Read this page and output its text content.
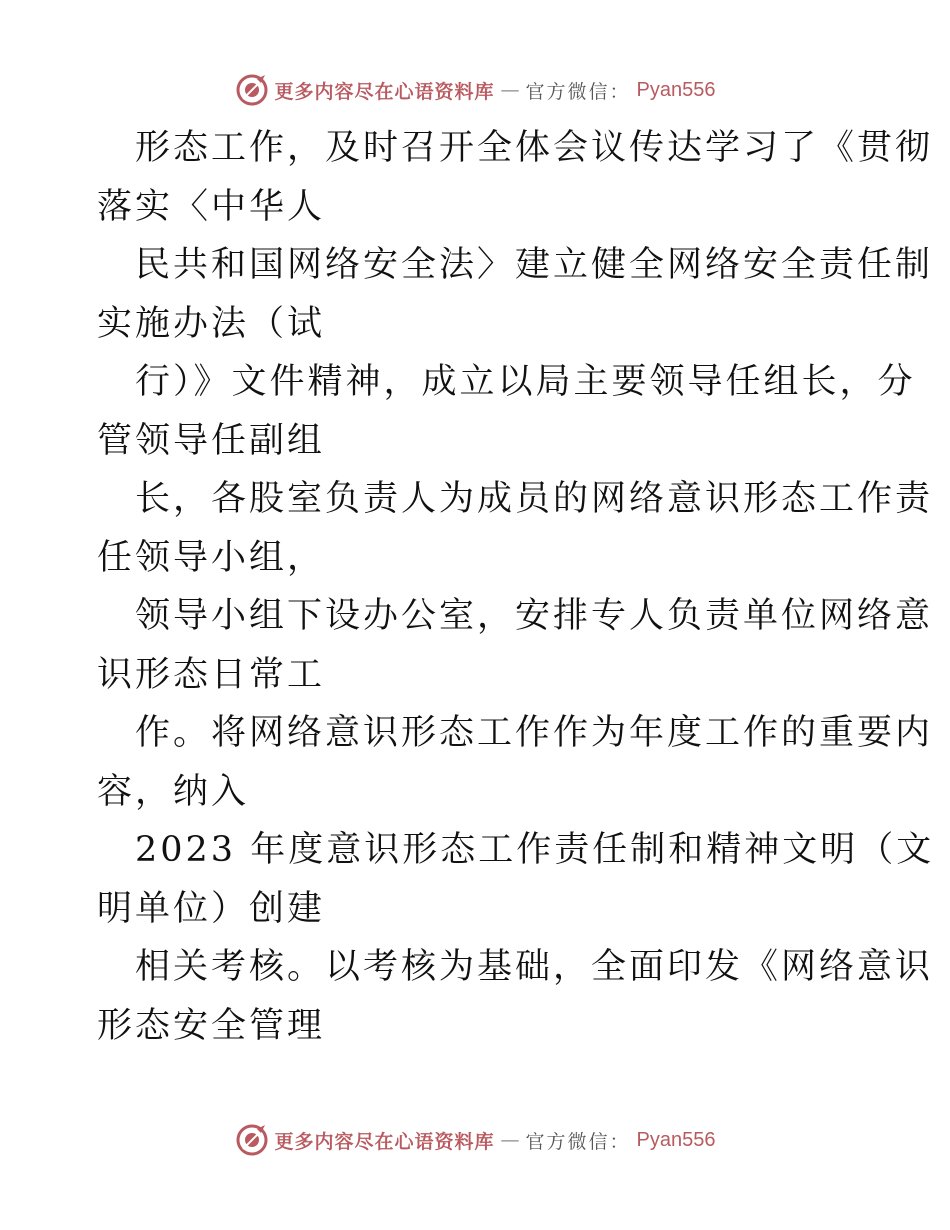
更多内容尽在心语资料库 — 官方微信： Pyan556
形态工作，及时召开全体会议传达学习了《贯彻
落实〈中华人
民共和国网络安全法〉建立健全网络安全责任制
实施办法（试
行）》文件精神，成立以局主要领导任组长，分
管领导任副组
长，各股室负责人为成员的网络意识形态工作责
任领导小组，
领导小组下设办公室，安排专人负责单位网络意
识形态日常工
作。将网络意识形态工作作为年度工作的重要内
容，纳入
2023 年度意识形态工作责任制和精神文明（文
明单位）创建
相关考核。以考核为基础，全面印发《网络意识
形态安全管理
更多内容尽在心语资料库 — 官方微信： Pyan556
